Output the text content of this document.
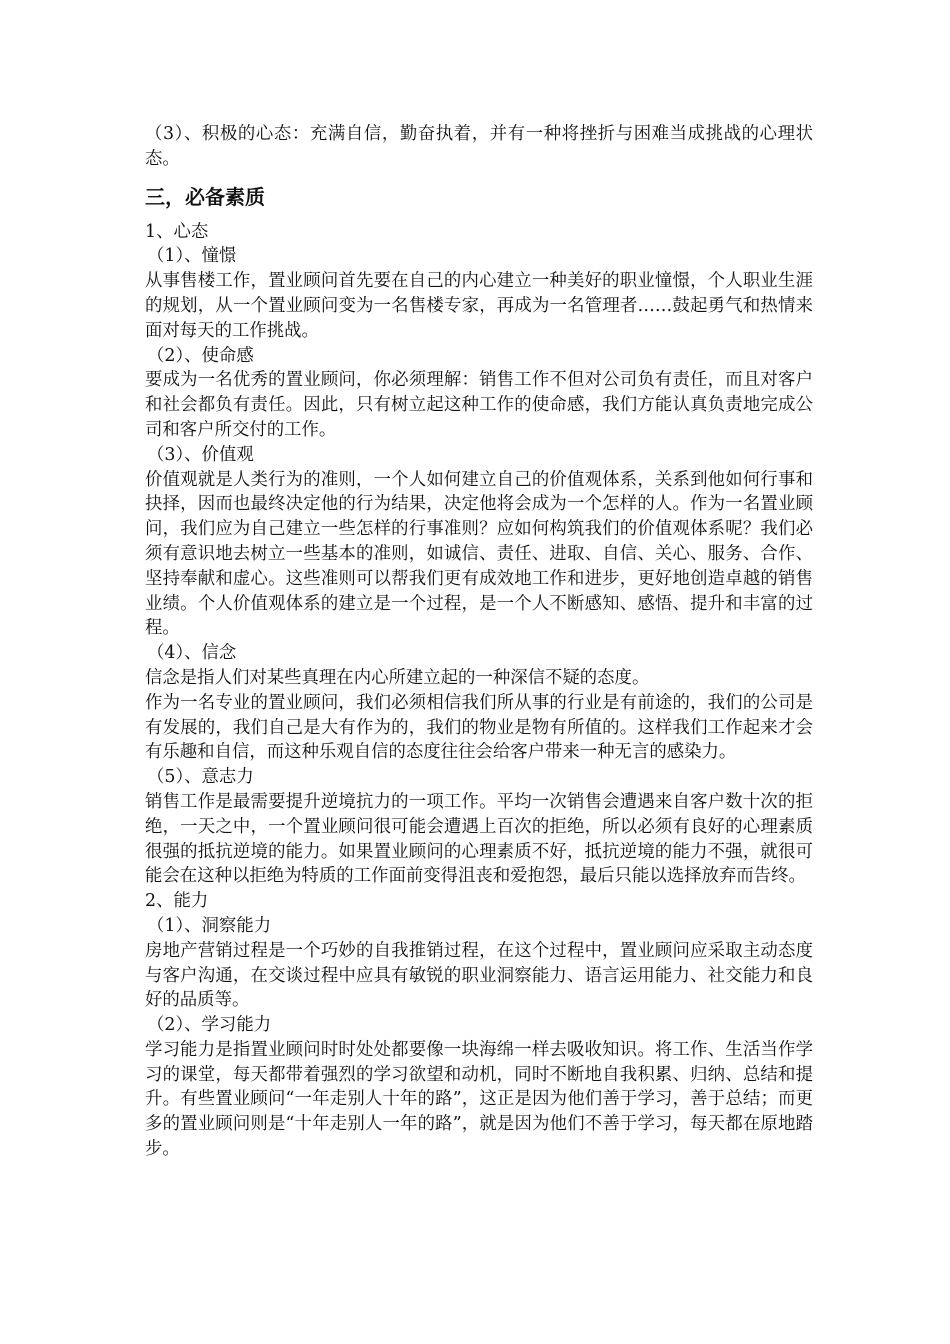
（3）、积极的心态：充满自信，勤奋执着，并有一种将挫折与困难当成挑战的心理状态。

三，必备素质

1、心态

（1）、憧憬

从事售楼工作，置业顾问首先要在自己的内心建立一种美好的职业憧憬，个人职业生涯的规划，从一个置业顾问变为一名售楼专家，再成为一名管理者……鼓起勇气和热情来面对每天的工作挑战。

（2）、使命感

要成为一名优秀的置业顾问，你必须理解：销售工作不但对公司负有责任，而且对客户和社会都负有责任。因此，只有树立起这种工作的使命感，我们方能认真负责地完成公司和客户所交付的工作。

（3）、价值观

价值观就是人类行为的准则，一个人如何建立自己的价值观体系，关系到他如何行事和抉择，因而也最终决定他的行为结果，决定他将会成为一个怎样的人。作为一名置业顾问，我们应为自己建立一些怎样的行事准则？应如何构筑我们的价值观体系呢？我们必须有意识地去树立一些基本的准则，如诚信、责任、进取、自信、关心、服务、合作、坚持奉献和虚心。这些准则可以帮我们更有成效地工作和进步，更好地创造卓越的销售业绩。个人价值观体系的建立是一个过程，是一个人不断感知、感悟、提升和丰富的过程。

（4）、信念

信念是指人们对某些真理在内心所建立起的一种深信不疑的态度。

作为一名专业的置业顾问，我们必须相信我们所从事的行业是有前途的，我们的公司是有发展的，我们自己是大有作为的，我们的物业是物有所值的。这样我们工作起来才会有乐趣和自信，而这种乐观自信的态度往往会给客户带来一种无言的感染力。

（5）、意志力

销售工作是最需要提升逆境抗力的一项工作。平均一次销售会遭遇来自客户数十次的拒绝，一天之中，一个置业顾问很可能会遭遇上百次的拒绝，所以必须有良好的心理素质很强的抵抗逆境的能力。如果置业顾问的心理素质不好，抵抗逆境的能力不强，就很可能会在这种以拒绝为特质的工作面前变得沮丧和爱抱怨，最后只能以选择放弃而告终。

2、能力

（1）、洞察能力

房地产营销过程是一个巧妙的自我推销过程，在这个过程中，置业顾问应采取主动态度与客户沟通，在交谈过程中应具有敏锐的职业洞察能力、语言运用能力、社交能力和良好的品质等。

（2）、学习能力

学习能力是指置业顾问时时处处都要像一块海绵一样去吸收知识。将工作、生活当作学习的课堂，每天都带着强烈的学习欲望和动机，同时不断地自我积累、归纳、总结和提升。有些置业顾问“一年走别人十年的路”，这正是因为他们善于学习，善于总结；而更多的置业顾问则是“十年走别人一年的路”，就是因为他们不善于学习，每天都在原地踏步。
